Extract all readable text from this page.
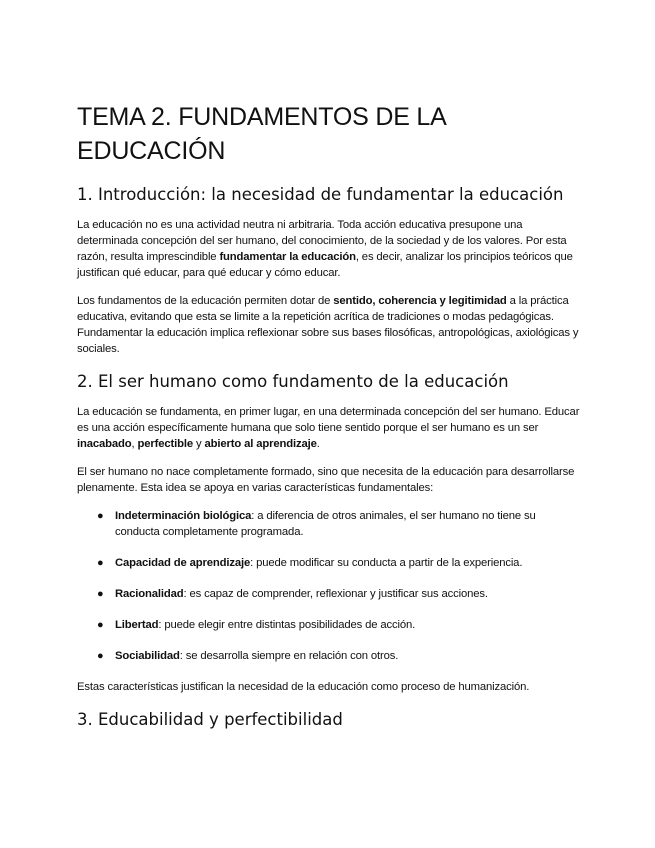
TEMA 2. FUNDAMENTOS DE LA EDUCACIÓN
1. Introducción: la necesidad de fundamentar la educación

La educación no es una actividad neutra ni arbitraria. Toda acción educativa presupone una determinada concepción del ser humano, del conocimiento, de la sociedad y de los valores. Por esta razón, resulta imprescindible fundamentar la educación, es decir, analizar los principios teóricos que justifican qué educar, para qué educar y cómo educar.

Los fundamentos de la educación permiten dotar de sentido, coherencia y legitimidad a la práctica educativa, evitando que esta se limite a la repetición acrítica de tradiciones o modas pedagógicas. Fundamentar la educación implica reflexionar sobre sus bases filosóficas, antropológicas, axiológicas y sociales.

2. El ser humano como fundamento de la educación

La educación se fundamenta, en primer lugar, en una determinada concepción del ser humano. Educar es una acción específicamente humana que solo tiene sentido porque el ser humano es un ser inacabado, perfectible y abierto al aprendizaje.

El ser humano no nace completamente formado, sino que necesita de la educación para desarrollarse plenamente. Esta idea se apoya en varias características fundamentales:

● Indeterminación biológica: a diferencia de otros animales, el ser humano no tiene su conducta completamente programada.
● Capacidad de aprendizaje: puede modificar su conducta a partir de la experiencia.
● Racionalidad: es capaz de comprender, reflexionar y justificar sus acciones.
● Libertad: puede elegir entre distintas posibilidades de acción.
● Sociabilidad: se desarrolla siempre en relación con otros.

Estas características justifican la necesidad de la educación como proceso de humanización.

3. Educabilidad y perfectibilidad
